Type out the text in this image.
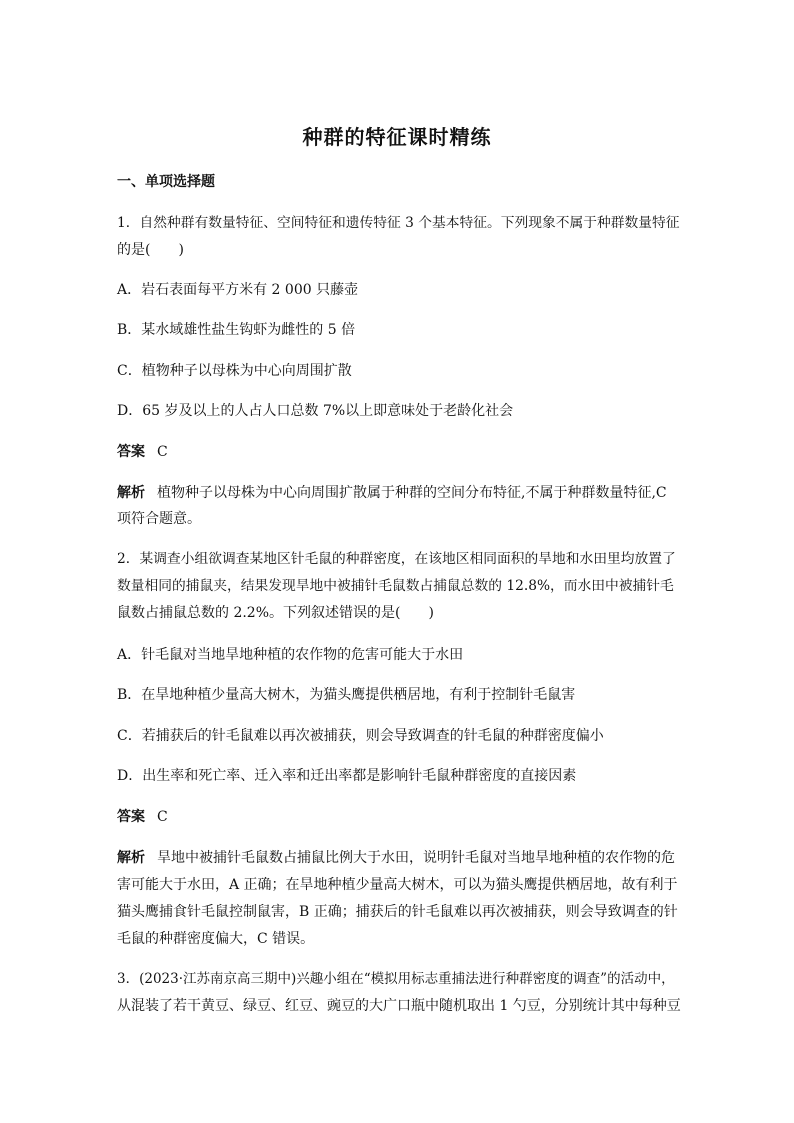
种群的特征课时精练
一、单项选择题
1．自然种群有数量特征、空间特征和遗传特征 3 个基本特征。下列现象不属于种群数量特征
的是(　　)
A．岩石表面每平方米有 2 000 只藤壶
B．某水域雄性盐生钩虾为雌性的 5 倍
C．植物种子以母株为中心向周围扩散
D．65 岁及以上的人占人口总数 7%以上即意味处于老龄化社会
答案 C
解析 植物种子以母株为中心向周围扩散属于种群的空间分布特征,不属于种群数量特征,C
项符合题意。
2．某调查小组欲调查某地区针毛鼠的种群密度，在该地区相同面积的旱地和水田里均放置了
数量相同的捕鼠夹，结果发现旱地中被捕针毛鼠数占捕鼠总数的 12.8%，而水田中被捕针毛
鼠数占捕鼠总数的 2.2%。下列叙述错误的是(　　)
A．针毛鼠对当地旱地种植的农作物的危害可能大于水田
B．在旱地种植少量高大树木，为猫头鹰提供栖居地，有利于控制针毛鼠害
C．若捕获后的针毛鼠难以再次被捕获，则会导致调查的针毛鼠的种群密度偏小
D．出生率和死亡率、迁入率和迁出率都是影响针毛鼠种群密度的直接因素
答案 C
解析 旱地中被捕针毛鼠数占捕鼠比例大于水田，说明针毛鼠对当地旱地种植的农作物的危
害可能大于水田，A 正确；在旱地种植少量高大树木，可以为猫头鹰提供栖居地，故有利于
猫头鹰捕食针毛鼠控制鼠害，B 正确；捕获后的针毛鼠难以再次被捕获，则会导致调查的针
毛鼠的种群密度偏大，C 错误。
3．(2023·江苏南京高三期中)兴趣小组在“模拟用标志重捕法进行种群密度的调查”的活动中，
从混装了若干黄豆、绿豆、红豆、豌豆的大广口瓶中随机取出 1 勺豆，分别统计其中每种豆
